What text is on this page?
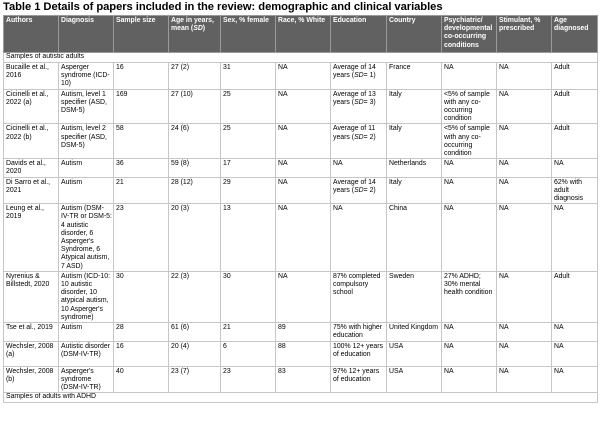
Table 1 Details of papers included in the review: demographic and clinical variables
Authors	Diagnosis	Sample size	Age in years, mean (SD)	Sex, % female	Race, % White	Education	Country	Psychiatric/ developmental co-occurring conditions	Stimulant, % prescribed	Age diagnosed
Samples of autistic adults										
Bucaille et al., 2016	Asperger syndrome (ICD-10)	16	27 (2)	31	NA	Average of 14 years (SD= 1)	France	NA	NA	Adult
Cicinelli et al., 2022 (a)	Autism, level 1 specifier (ASD, DSM-5)	169	27 (10)	25	NA	Average of 13 years (SD= 3)	Italy	<5% of sample with any co-occurring condition	NA	Adult
Cicinelli et al., 2022 (b)	Autism, level 2 specifier (ASD, DSM-5)	58	24 (6)	25	NA	Average of 11 years (SD= 2)	Italy	<5% of sample with any co-occurring condition	NA	Adult
Davids et al., 2020	Autism	36	59 (8)	17	NA	NA	Netherlands	NA	NA	NA
Di Sarro et al., 2021	Autism	21	28 (12)	29	NA	Average of 14 years (SD= 2)	Italy	NA	NA	62% with adult diagnosis
Leung et al., 2019	Autism (DSM-IV-TR or DSM-5: 4 autistic disorder, 6 Asperger's Syndrome, 6 Atypical autism, 7 ASD)	23	20 (3)	13	NA	NA	China	NA	NA	NA
Nyrenius & Billstedt, 2020	Autism (ICD-10: 10 autistic disorder, 10 atypical autism, 10 Asperger's syndrome)	30	22 (3)	30	NA	87% completed compulsory school	Sweden	27% ADHD; 30% mental health condition	NA	Adult
Tse et al., 2019	Autism	28	61 (6)	21	89	75% with higher education	United Kingdom	NA	NA	NA
Wechsler, 2008 (a)	Autistic disorder (DSM-IV-TR)	16	20 (4)	6	88	100% 12+ years of education	USA	NA	NA	NA
Wechsler, 2008 (b)	Asperger's syndrome (DSM-IV-TR)	40	23 (7)	23	83	97% 12+ years of education	USA	NA	NA	NA
Samples of adults with ADHD										
